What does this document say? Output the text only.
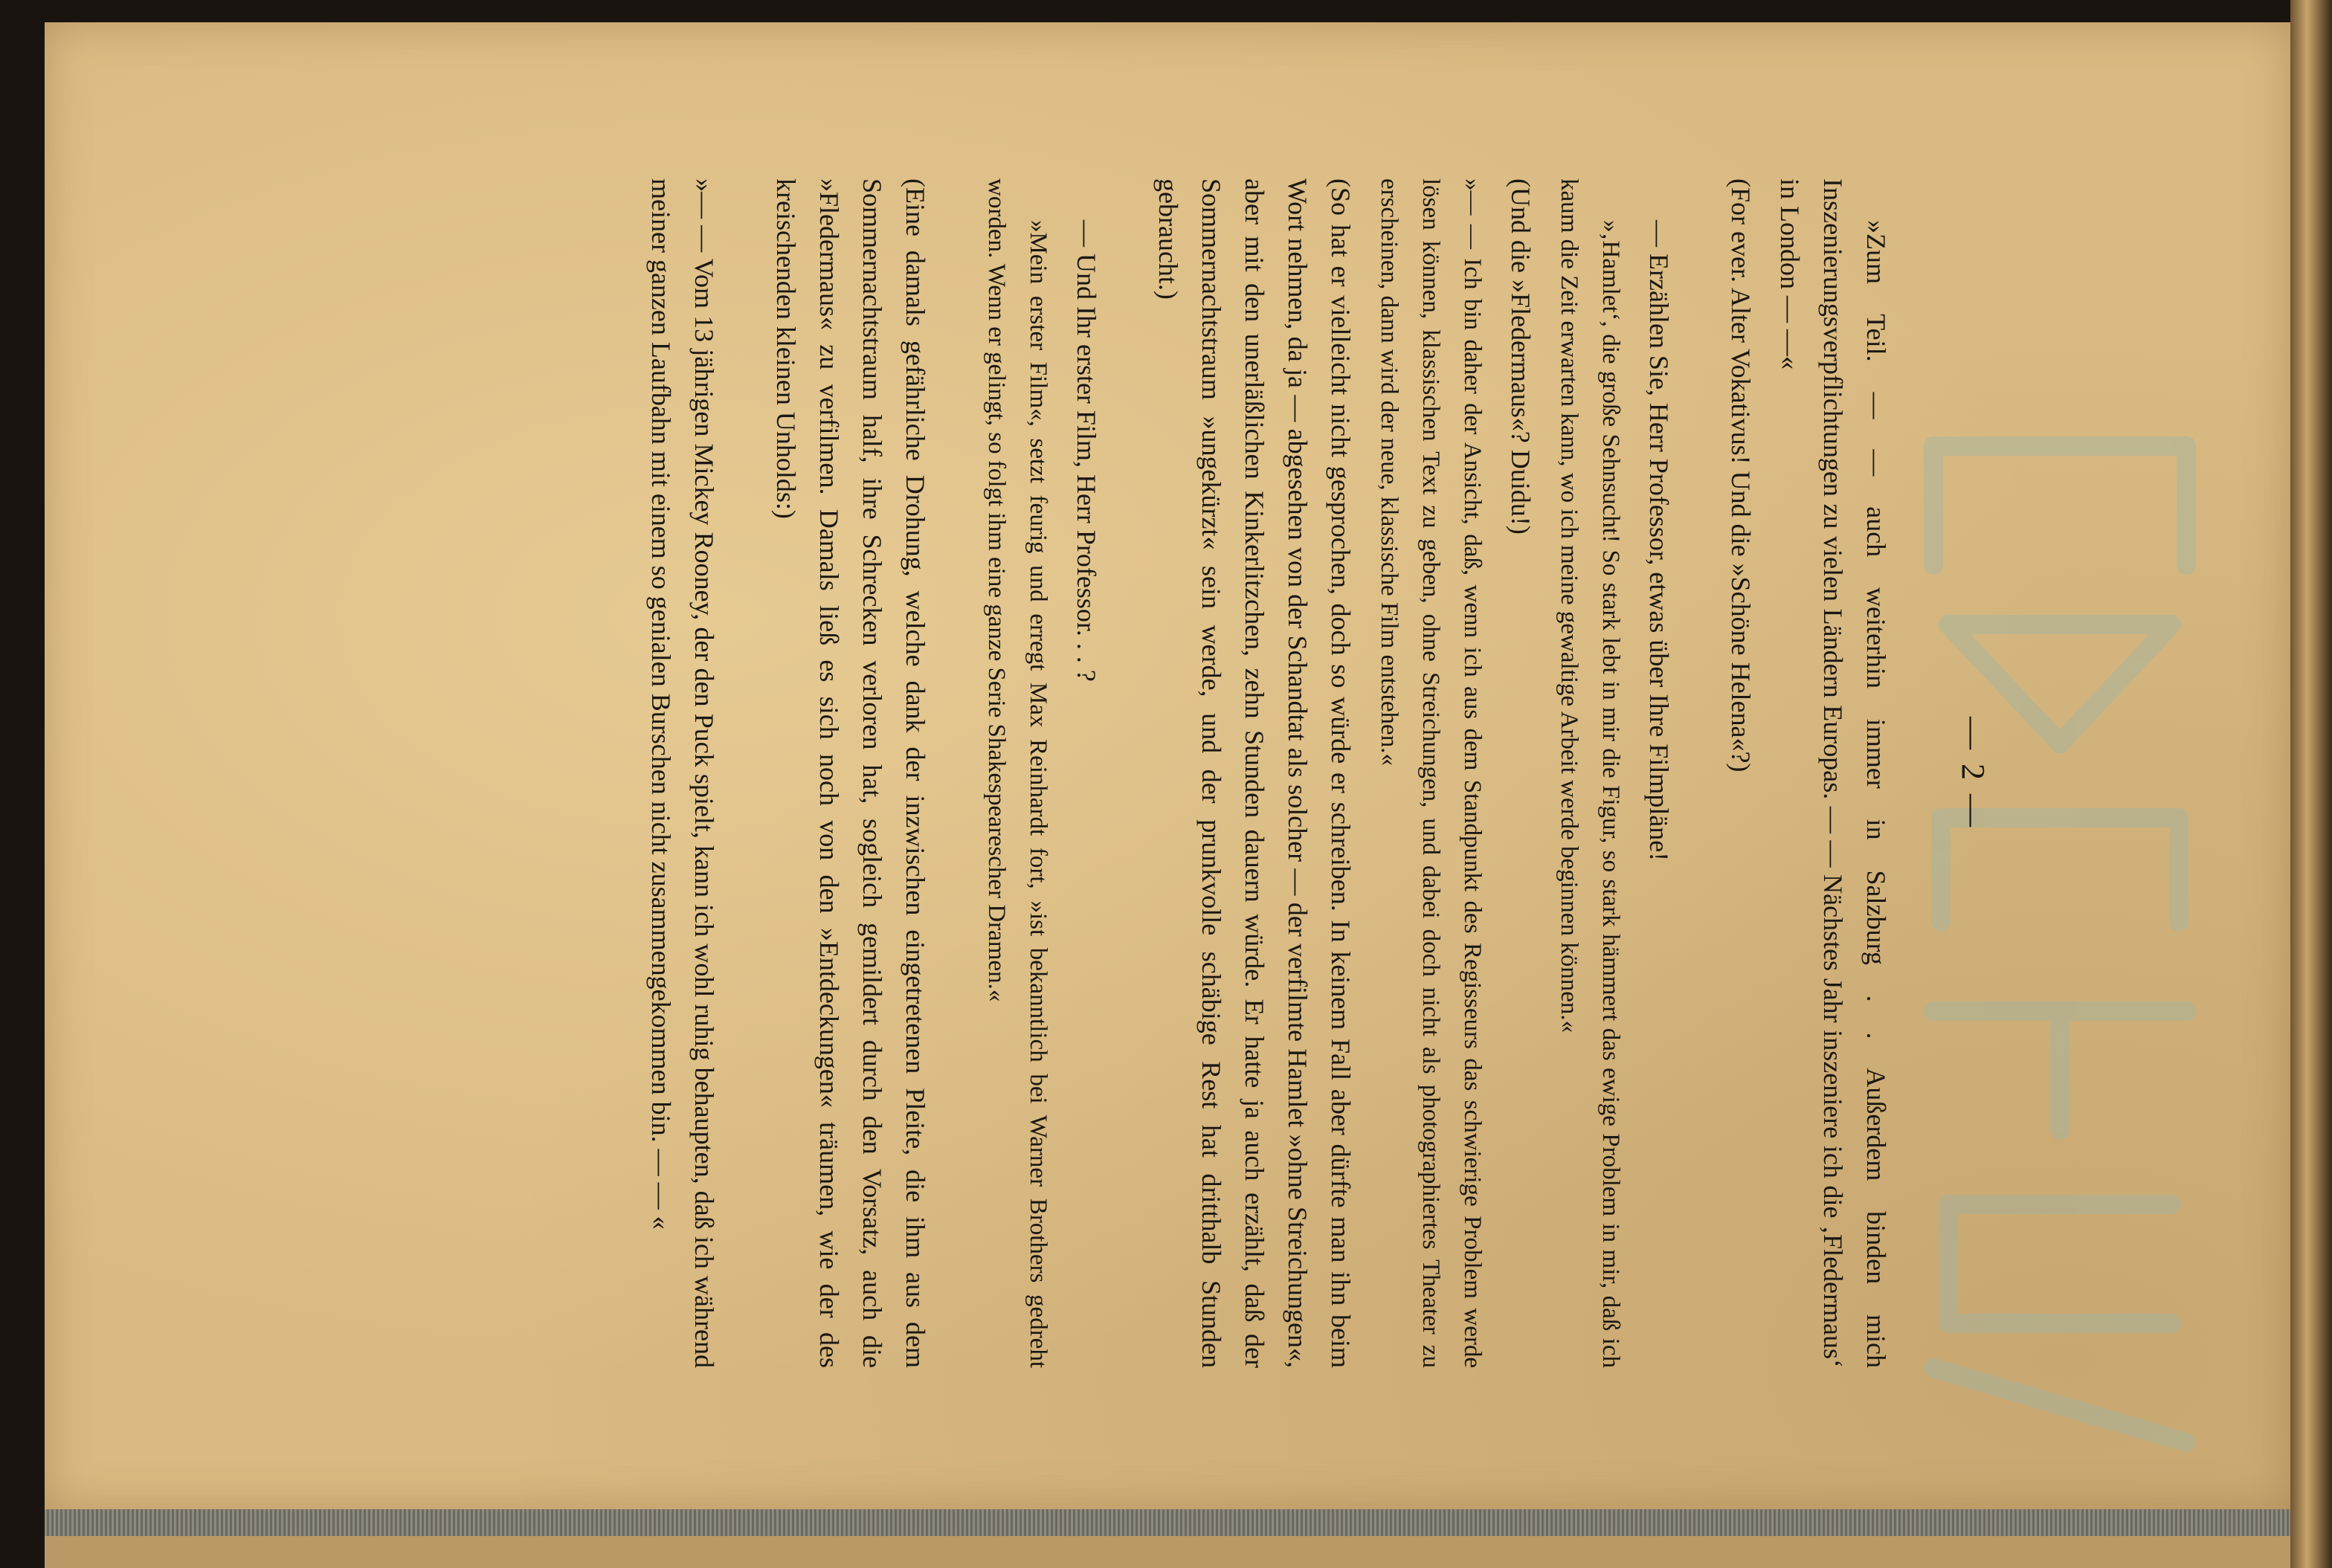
— 2 —

»Zum Teil. — — auch weiterhin immer in Salzburg . . Außerdem binden mich Inszenierungsverpflichtungen zu vielen Ländern Europas. — — Nächstes Jahr inszeniere ich die ‚Fledermaus‘ in London — —«

(For ever. Alter Vokativus! Und die »Schöne Helena«?)

— Erzählen Sie, Herr Professor, etwas über Ihre Filmpläne!

»‚Hamlet‘, die große Sehnsucht! So stark lebt in mir die Figur, so stark hämmert das ewige Problem in mir, daß ich kaum die Zeit erwarten kann, wo ich meine gewaltige Arbeit werde beginnen können.«

(Und die »Fledermaus«? Duidu!)

»— — Ich bin daher der Ansicht, daß, wenn ich aus dem Standpunkt des Regisseurs das schwierige Problem werde lösen können, klassischen Text zu geben, ohne Streichungen, und dabei doch nicht als photographiertes Theater zu erscheinen, dann wird der neue, klassische Film entstehen.«

(So hat er vielleicht nicht gesprochen, doch so würde er schreiben. In keinem Fall aber dürfte man ihn beim Wort nehmen, da ja — abgesehen von der Schandtat als solcher — der verfilmte Hamlet »ohne Streichungen«, aber mit den unerläßlichen Kinkerlitzchen, zehn Stunden dauern würde. Er hatte ja auch erzählt, daß der Sommernachtstraum »ungekürzt« sein werde, und der prunkvolle schäbige Rest hat dritthalb Stunden gebraucht.)

— Und Ihr erster Film, Herr Professor. . . ?

»Mein erster Film«, setzt feurig und erregt Max Reinhardt fort, »ist bekanntlich bei Warner Brothers gedreht worden. Wenn er gelingt, so folgt ihm eine ganze Serie Shakespearescher Dramen.«

(Eine damals gefährliche Drohung, welche dank der inzwischen eingetretenen Pleite, die ihm aus dem Sommernachtstraum half, ihre Schrecken verloren hat, sogleich gemildert durch den Vorsatz, auch die »Fledermaus« zu verfilmen. Damals ließ es sich noch von den »Entdeckungen« träumen, wie der des kreischenden kleinen Unholds:)

»— — Vom 13 jährigen Mickey Rooney, der den Puck spielt, kann ich wohl ruhig behaupten, daß ich während meiner ganzen Laufbahn mit einem so genialen Burschen nicht zusammengekommen bin. — — «
